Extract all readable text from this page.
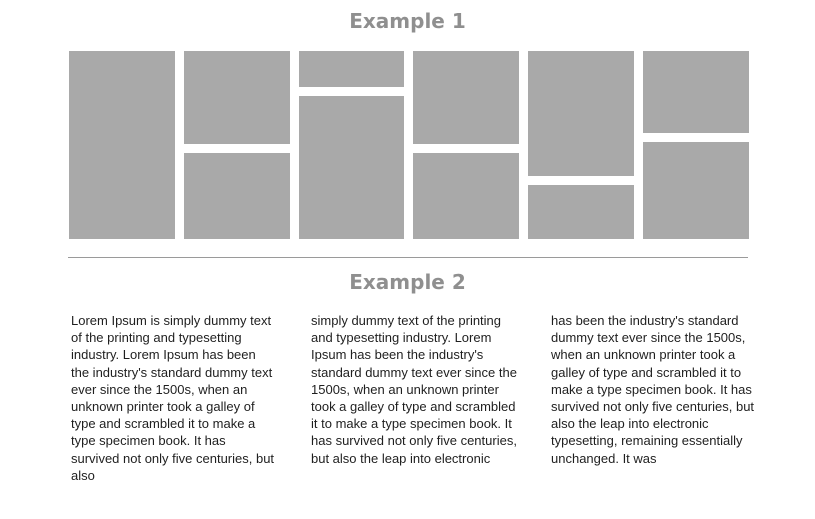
Example 1
Example 2

Lorem Ipsum is simply dummy text of the printing and typesetting industry. Lorem Ipsum has been the industry's standard dummy text ever since the 1500s, when an unknown printer took a galley of type and scrambled it to make a type specimen book. It has survived not only five centuries, but also

simply dummy text of the printing and typesetting industry. Lorem Ipsum has been the industry's standard dummy text ever since the 1500s, when an unknown printer took a galley of type and scrambled it to make a type specimen book. It has survived not only five centuries, but also the leap into electronic

has been the industry's standard dummy text ever since the 1500s, when an unknown printer took a galley of type and scrambled it to make a type specimen book. It has survived not only five centuries, but also the leap into electronic typesetting, remaining essentially unchanged. It was
